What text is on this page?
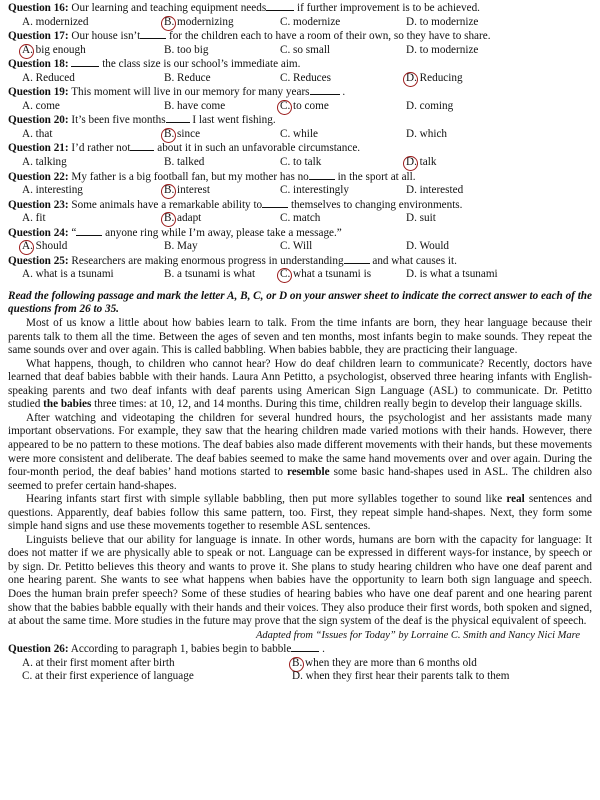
Question 16: Our learning and teaching equipment needs	if further improvement is to be achieved.
A. modernized	B. modernizing	C. modernize	D. to modernize
Question 17: Our house isn’t	for the children each to have a room of their own, so they have to share.
A. big enough	B. too big	C. so small	D. to modernize
Question 18:	the class size is our school’s immediate aim.
A. Reduced	B. Reduce	C. Reduces	D. Reducing
Question 19: This moment will live in our memory for many years	.
A. come	B. have come	C. to come	D. coming
Question 20: It’s been five months I last went fishing.
A. that	B. since	C. while	D. which
Question 21: I’d rather not about it in such an unfavorable circumstance.
A. talking	B. talked	C. to talk	D. talk
Question 22: My father is a big football fan, but my mother has no	in the sport at all.
A. interesting	B. interest	C. interestingly	D. interested
Question 23: Some animals have a remarkable ability to	themselves to changing environments.
A. fit	B. adapt	C. match	D. suit
Question 24: “	anyone ring while I’m away, please take a message.”
A. Should	B. May	C. Will	D. Would
Question 25: Researchers are making enormous progress in understanding	and what causes it.
A. what is a tsunami	B. a tsunami is what	C. what a tsunami is	D. is what a tsunami
Read the following passage and mark the letter A, B, C, or D on your answer sheet to indicate the correct answer to each of the questions from 26 to 35.
Most of us know a little about how babies learn to talk. From the time infants are born, they hear language because their parents talk to them all the time. Between the ages of seven and ten months, most infants begin to make sounds. They repeat the same sounds over and over again. This is called babbling. When babies babble, they are practicing their language.
What happens, though, to children who cannot hear? How do deaf children learn to communicate? Recently, doctors have learned that deaf babies babble with their hands. Laura Ann Petitto, a psychologist, observed three hearing infants with English-speaking parents and two deaf infants with deaf parents using American Sign Language (ASL) to communicate. Dr. Petitto studied the babies three times: at 10, 12, and 14 months. During this time, children really begin to develop their language skills.
After watching and videotaping the children for several hundred hours, the psychologist and her assistants made many important observations. For example, they saw that the hearing children made varied motions with their hands. However, there appeared to be no pattern to these motions. The deaf babies also made different movements with their hands, but these movements were more consistent and deliberate. The deaf babies seemed to make the same hand movements over and over again. During the four-month period, the deaf babies’ hand motions started to resemble some basic hand-shapes used in ASL. The children also seemed to prefer certain hand-shapes.
Hearing infants start first with simple syllable babbling, then put more syllables together to sound like real sentences and questions. Apparently, deaf babies follow this same pattern, too. First, they repeat simple hand-shapes. Next, they form some simple hand signs and use these movements together to resemble ASL sentences.
Linguists believe that our ability for language is innate. In other words, humans are born with the capacity for language: It does not matter if we are physically able to speak or not. Language can be expressed in different ways-for instance, by speech or by sign. Dr. Petitto believes this theory and wants to prove it. She plans to study hearing children who have one deaf parent and one hearing parent. She wants to see what happens when babies have the opportunity to learn both sign language and speech. Does the human brain prefer speech? Some of these studies of hearing babies who have one deaf parent and one hearing parent show that the babies babble equally with their hands and their voices. They also produce their first words, both spoken and signed, at about the same time. More studies in the future may prove that the sign system of the deaf is the physical equivalent of speech.
Adapted from “Issues for Today” by Lorraine C. Smith and Nancy Nici Mare
Question 26: According to paragraph 1, babies begin to babble	.
A. at their first moment after birth	B. when they are more than 6 months old
C. at their first experience of language	D. when they first hear their parents talk to them
